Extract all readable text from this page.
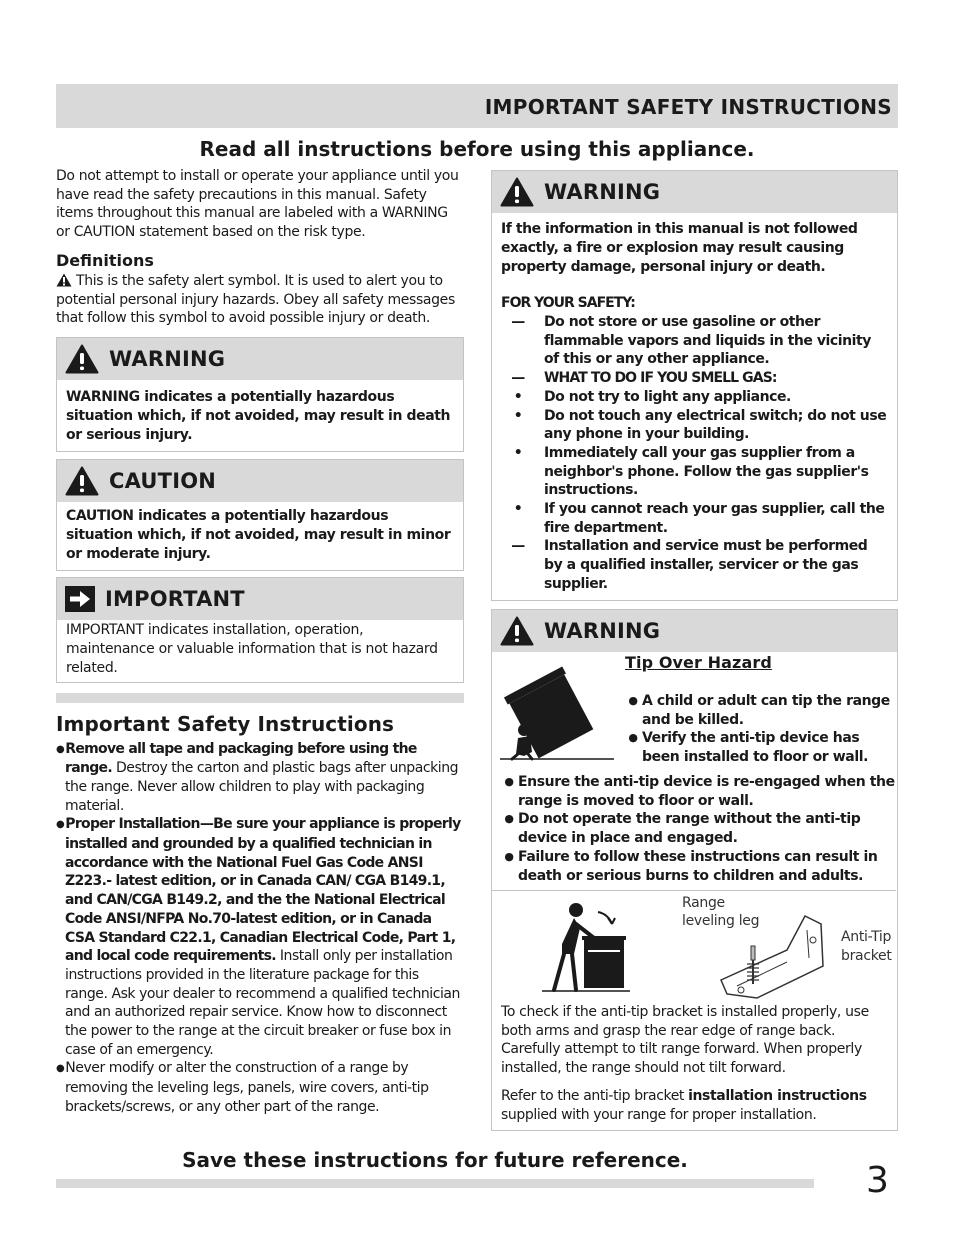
IMPORTANT SAFETY INSTRUCTIONS
Read all instructions before using this appliance.

Do not attempt to install or operate your appliance until you have read the safety precautions in this manual. Safety items throughout this manual are labeled with a WARNING or CAUTION statement based on the risk type.

Definitions

This is the safety alert symbol. It is used to alert you to potential personal injury hazards. Obey all safety messages that follow this symbol to avoid possible injury or death.

WARNING
WARNING indicates a potentially hazardous situation which, if not avoided, may result in death or serious injury.
CAUTION
CAUTION indicates a potentially hazardous situation which, if not avoided, may result in minor or moderate injury.
IMPORTANT
IMPORTANT indicates installation, operation, maintenance or valuable information that is not hazard related.
Important Safety Instructions
●Remove all tape and packaging before using the range. Destroy the carton and plastic bags after unpacking the range. Never allow children to play with packaging material.
●Proper Installation—Be sure your appliance is properly installed and grounded by a qualified technician in accordance with the National Fuel Gas Code ANSI Z223.- latest edition, or in Canada CAN/ CGA B149.1, and CAN/CGA B149.2, and the the National Electrical Code ANSI/NFPA No.70-latest edition, or in Canada CSA Standard C22.1, Canadian Electrical Code, Part 1, and local code requirements. Install only per installation instructions provided in the literature package for this range. Ask your dealer to recommend a qualified technician and an authorized repair service. Know how to disconnect the power to the range at the circuit breaker or fuse box in case of an emergency.
●Never modify or alter the construction of a range by removing the leveling legs, panels, wire covers, anti-tip brackets/screws, or any other part of the range.
WARNING

If the information in this manual is not followed exactly, a fire or explosion may result causing property damage, personal injury or death.

FOR YOUR SAFETY:

—	Do not store or use gasoline or other flammable vapors and liquids in the vicinity of this or any other appliance.
—	WHAT TO DO IF YOU SMELL GAS:
•	Do not try to light any appliance.
•	Do not touch any electrical switch; do not use any phone in your building.
•	Immediately call your gas supplier from a neighbor's phone. Follow the gas supplier's instructions.
•	If you cannot reach your gas supplier, call the fire department.
—	Installation and service must be performed by a qualified installer, servicer or the gas supplier.
WARNING
Tip Over Hazard
● A child or adult can tip the range and be killed.
● Verify the anti-tip device has been installed to floor or wall.
● Ensure the anti-tip device is re-engaged when the range is moved to floor or wall.
● Do not operate the range without the anti-tip device in place and engaged.
● Failure to follow these instructions can result in death or serious burns to children and adults.
Range leveling leg
Anti-Tip bracket

To check if the anti-tip bracket is installed properly, use both arms and grasp the rear edge of range back. Carefully attempt to tilt range forward. When properly installed, the range should not tilt forward.

Refer to the anti-tip bracket installation instructions supplied with your range for proper installation.

Save these instructions for future reference.	3
